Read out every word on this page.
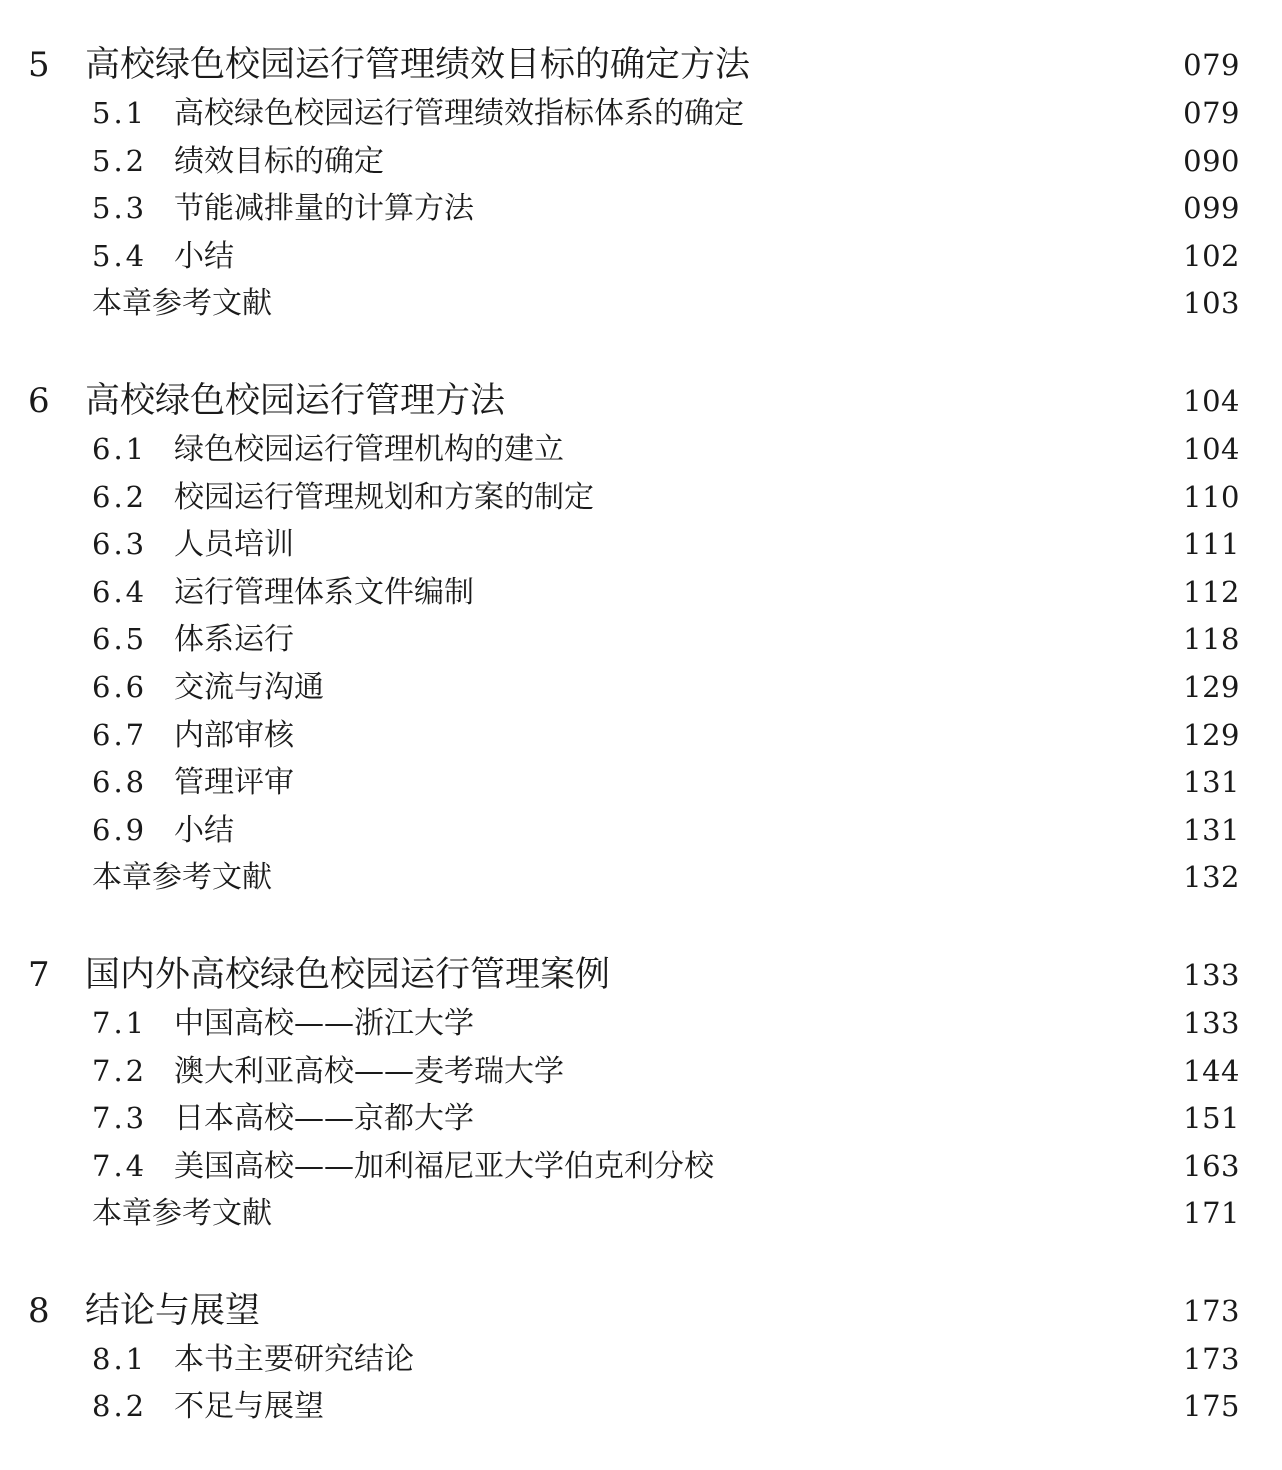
5 高校绿色校园运行管理绩效目标的确定方法	079
5.1 高校绿色校园运行管理绩效指标体系的确定	079
5.2 绩效目标的确定	090
5.3 节能减排量的计算方法	099
5.4 小结	102
本章参考文献	103
6 高校绿色校园运行管理方法	104
6.1 绿色校园运行管理机构的建立	104
6.2 校园运行管理规划和方案的制定	110
6.3 人员培训	111
6.4 运行管理体系文件编制	112
6.5 体系运行	118
6.6 交流与沟通	129
6.7 内部审核	129
6.8 管理评审	131
6.9 小结	131
本章参考文献	132
7 国内外高校绿色校园运行管理案例	133
7.1 中国高校——浙江大学	133
7.2 澳大利亚高校——麦考瑞大学	144
7.3 日本高校——京都大学	151
7.4 美国高校——加利福尼亚大学伯克利分校	163
本章参考文献	171
8 结论与展望	173
8.1 本书主要研究结论	173
8.2 不足与展望	175
